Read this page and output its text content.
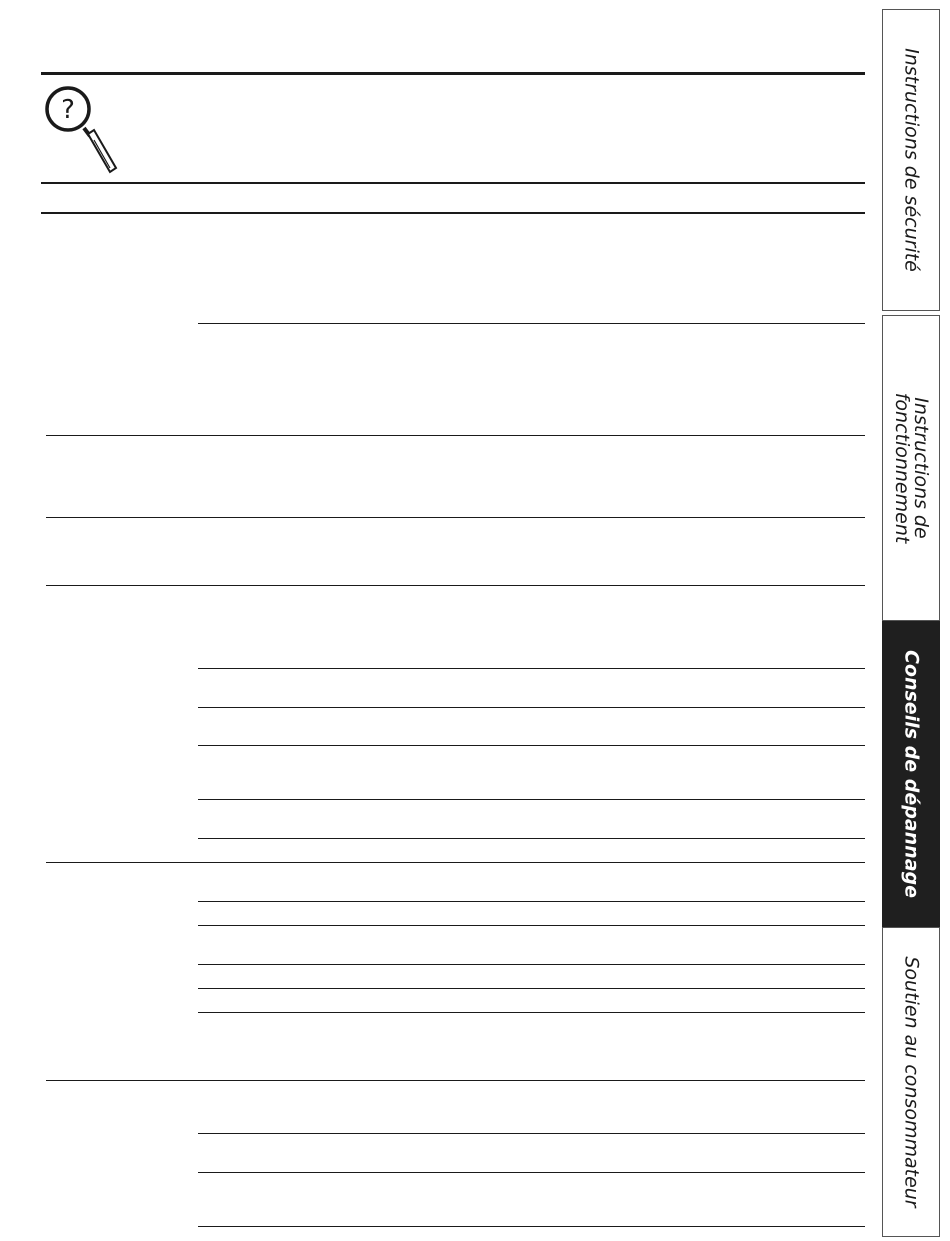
?	Instructions de sécurité
Instructions de
fonctionnement
Conseils de dépannage
Soutien au consommateur
